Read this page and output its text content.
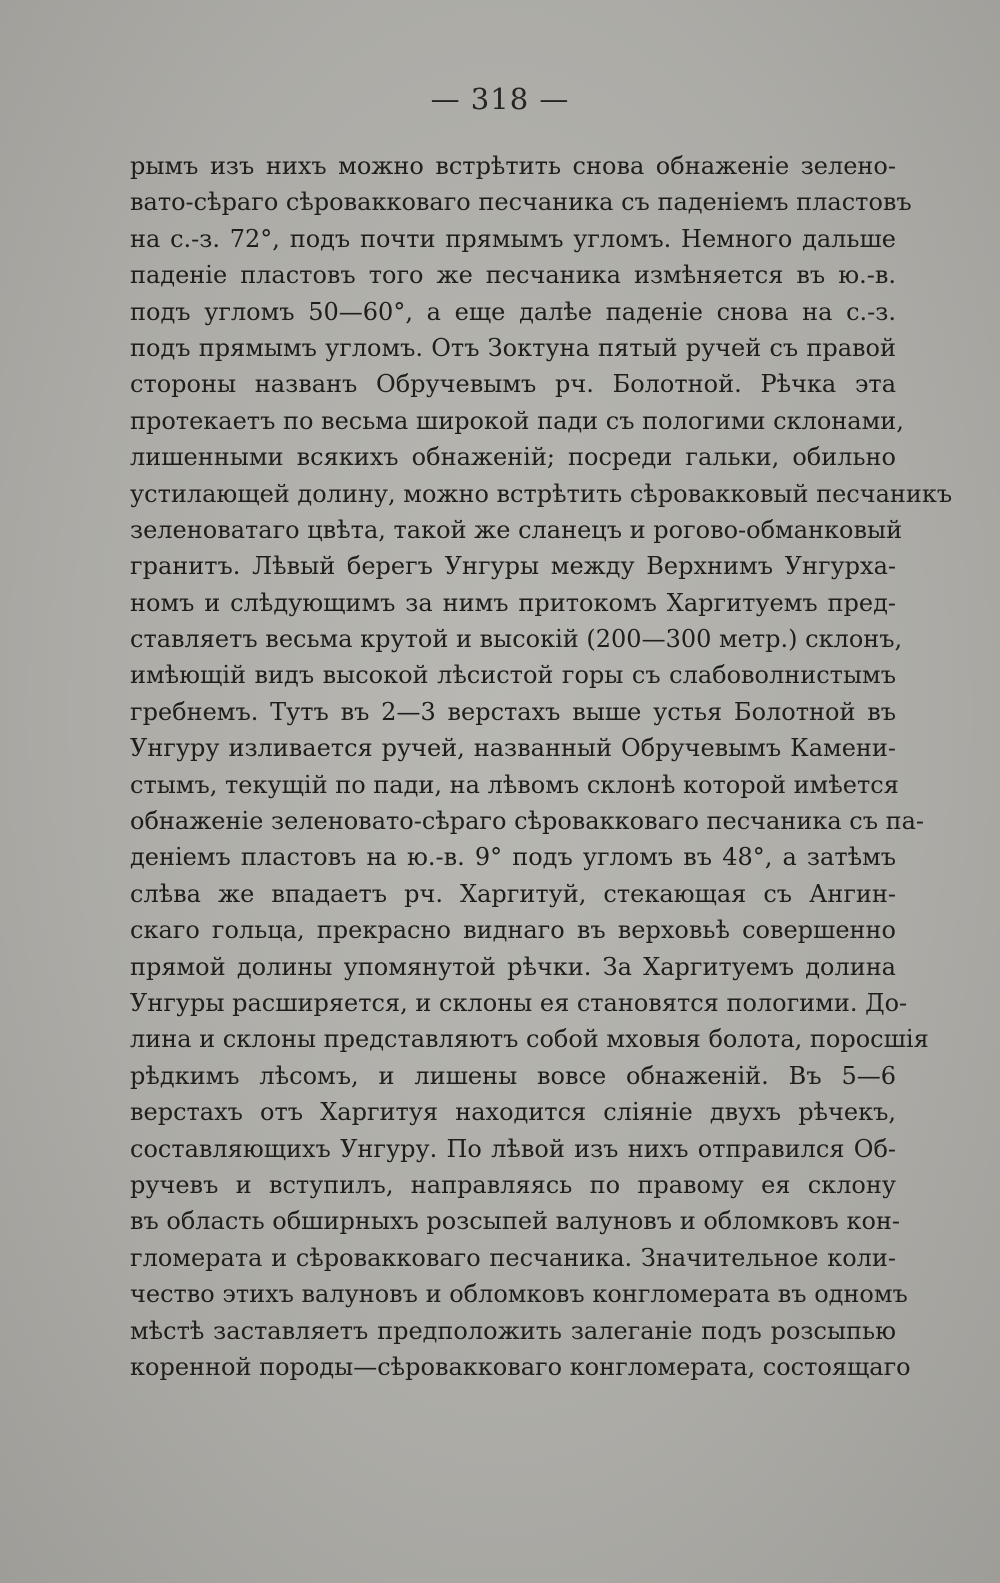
— 318 —
рымъ изъ нихъ можно встрѣтить снова обнаженіе зелено-
вато-сѣраго сѣровакковаго песчаника съ паденіемъ пластовъ
на с.-з. 72°, подъ почти прямымъ угломъ. Немного дальше
паденіе пластовъ того же песчаника измѣняется въ ю.-в.
подъ угломъ 50—60°, а еще далѣе паденіе снова на с.-з.
подъ прямымъ угломъ. Отъ Зоктуна пятый ручей съ правой
стороны названъ Обручевымъ рч. Болотной. Рѣчка эта
протекаетъ по весьма широкой пади съ пологими склонами,
лишенными всякихъ обнаженій; посреди гальки, обильно
устилающей долину, можно встрѣтить сѣровакковый песчаникъ
зеленоватаго цвѣта, такой же сланецъ и рогово-обманковый
гранитъ. Лѣвый берегъ Унгуры между Верхнимъ Унгурха-
номъ и слѣдующимъ за нимъ притокомъ Харгитуемъ пред-
ставляетъ весьма крутой и высокій (200—300 метр.) склонъ,
имѣющій видъ высокой лѣсистой горы съ слабоволнистымъ
гребнемъ. Тутъ въ 2—3 верстахъ выше устья Болотной въ
Унгуру изливается ручей, названный Обручевымъ Камени-
стымъ, текущій по пади, на лѣвомъ склонѣ которой имѣется
обнаженіе зеленовато-сѣраго сѣровакковаго песчаника съ па-
деніемъ пластовъ на ю.-в. 9° подъ угломъ въ 48°, а затѣмъ
слѣва же впадаетъ рч. Харгитуй, стекающая съ Ангин-
скаго гольца, прекрасно виднаго въ верховьѣ совершенно
прямой долины упомянутой рѣчки. За Харгитуемъ долина
Унгуры расширяется, и склоны ея становятся пологими. До-
лина и склоны представляютъ собой мховыя болота, поросшія
рѣдкимъ лѣсомъ, и лишены вовсе обнаженій. Въ 5—6
верстахъ отъ Харгитуя находится сліяніе двухъ рѣчекъ,
составляющихъ Унгуру. По лѣвой изъ нихъ отправился Об-
ручевъ и вступилъ, направляясь по правому ея склону
въ область обширныхъ розсыпей валуновъ и обломковъ кон-
гломерата и сѣровакковаго песчаника. Значительное коли-
чество этихъ валуновъ и обломковъ конгломерата въ одномъ
мѣстѣ заставляетъ предположить залеганіе подъ розсыпью
коренной породы—сѣровакковаго конгломерата, состоящаго
